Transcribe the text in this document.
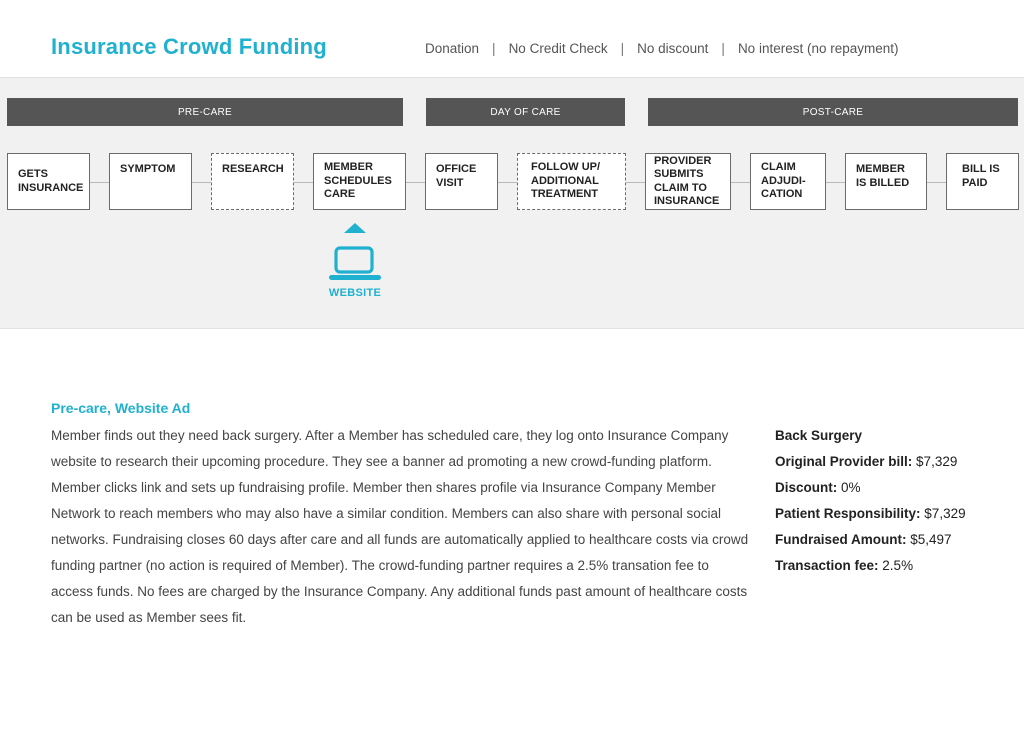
Insurance Crowd Funding	Donation | No Credit Check | No discount | No interest (no repayment)
PRE-CARE	DAY OF CARE	POST-CARE
GETS
INSURANCE
SYMPTOM	RESEARCH	MEMBER
SCHEDULES
CARE
OFFICE
VISIT
FOLLOW UP/
ADDITIONAL
TREATMENT
PROVIDER
SUBMITS
CLAIM TO
INSURANCE
CLAIM
ADJUDI-
CATION
MEMBER
IS BILLED
BILL IS
PAID
WEBSITE
Pre-care, Website Ad
Member finds out they need back surgery. After a Member has scheduled care, they log onto Insurance Company website to research their upcoming procedure. They see a banner ad promoting a new crowd-funding platform. Member clicks link and sets up fundraising profile. Member then shares profile via Insurance Company Member Network to reach members who may also have a similar condition. Members can also share with personal social networks. Fundraising closes 60 days after care and all funds are automatically applied to healthcare costs via crowd funding partner (no action is required of Member). The crowd-funding partner requires a 2.5% transation fee to access funds. No fees are charged by the Insurance Company. Any additional funds past amount of healthcare costs can be used as Member sees fit.
Back Surgery
Original Provider bill: $7,329
Discount: 0%
Patient Responsibility: $7,329
Fundraised Amount: $5,497
Transaction fee: 2.5%
